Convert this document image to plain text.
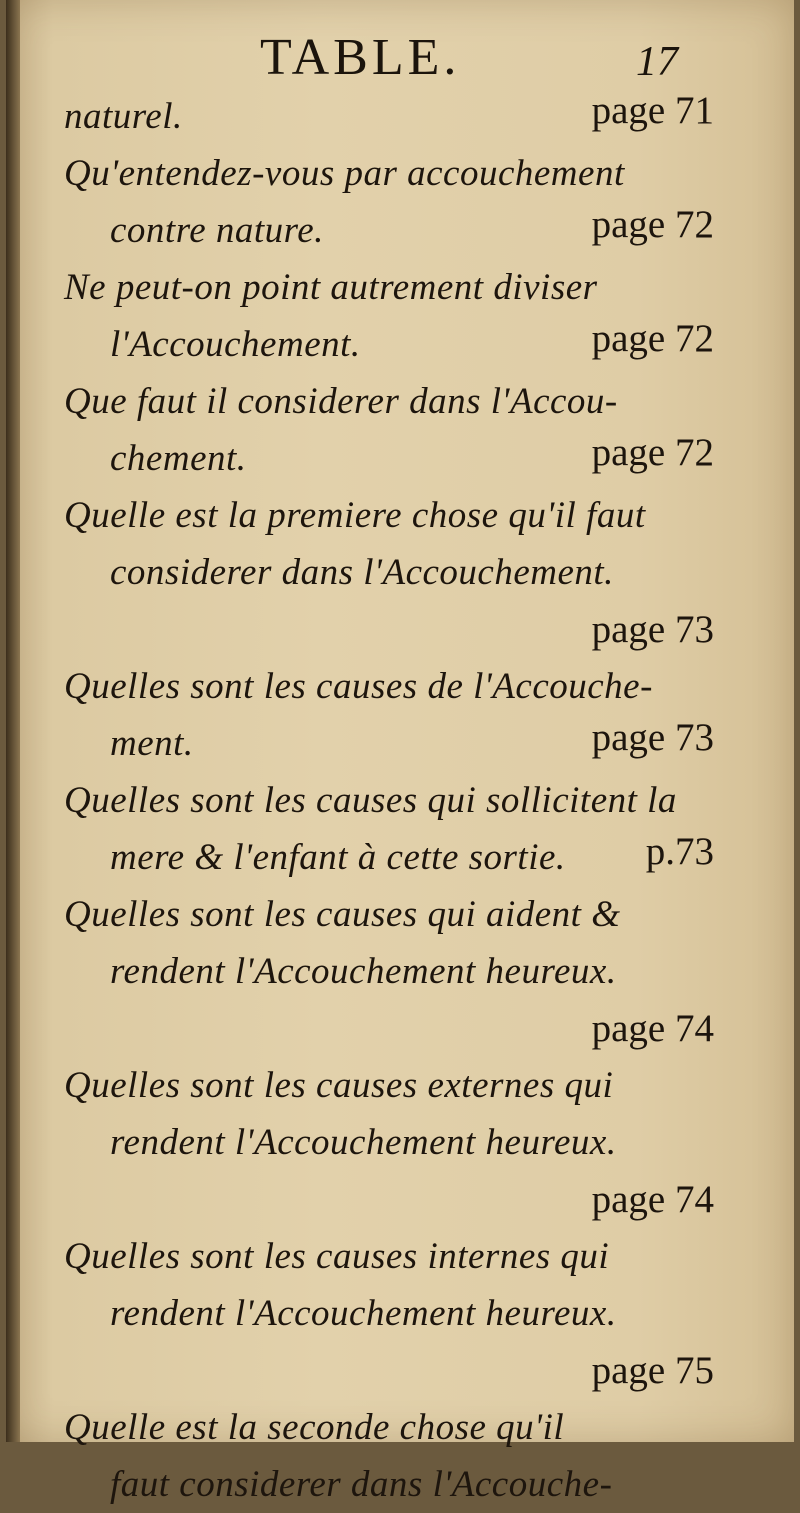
TABLE.	17
naturel.	page 71
Qu'entendez-vous par accouchement
contre nature.	page 72
Ne peut-on point autrement diviser
l'Accouchement.	page 72
Que faut il considerer dans l'Accou-
chement.	page 72
Quelle est la premiere chose qu'il faut
considerer dans l'Accouchement.
page 73
Quelles sont les causes de l'Accouche-
ment.	page 73
Quelles sont les causes qui sollicitent la
mere & l'enfant à cette sortie.	p.73
Quelles sont les causes qui aident &
rendent l'Accouchement heureux.
page 74
Quelles sont les causes externes qui
rendent l'Accouchement heureux.
page 74
Quelles sont les causes internes qui
rendent l'Accouchement heureux.
page 75
Quelle est la seconde chose qu'il
faut considerer dans l'Accouche-
